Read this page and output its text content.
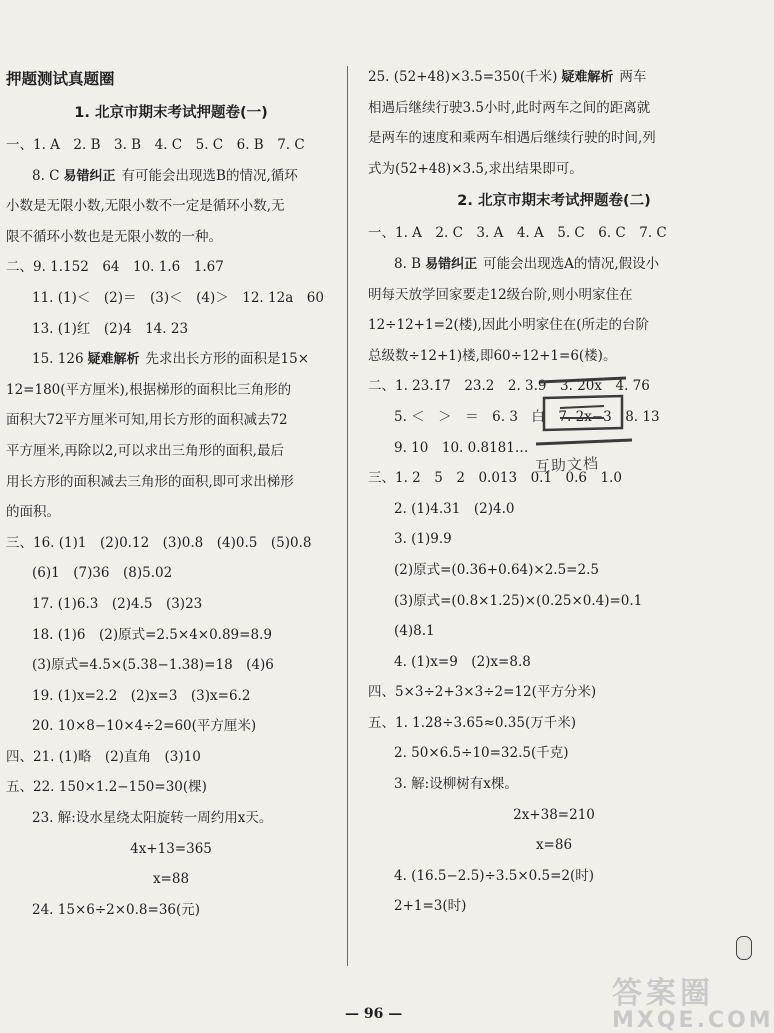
押题测试真题圈
1. 北京市期末考试押题卷(一)
一、1. A　2. B　3. B　4. C　5. C　6. B　7. C
8. C 易错纠正 有可能会出现选B的情况,循环
小数是无限小数,无限小数不一定是循环小数,无
限不循环小数也是无限小数的一种。
二、9. 1.152　64　10. 1.6̇　1.67
11. (1)＜　(2)＝　(3)＜　(4)＞　12. 12a　60
13. (1)红　(2)4　14. 23
15. 126 疑难解析 先求出长方形的面积是15×
12=180(平方厘米),根据梯形的面积比三角形的
面积大72平方厘米可知,用长方形的面积减去72
平方厘米,再除以2,可以求出三角形的面积,最后
用长方形的面积减去三角形的面积,即可求出梯形
的面积。
三、16. (1)1　(2)0.12　(3)0.8　(4)0.5　(5)0.8
(6)1　(7)36　(8)5.02
17. (1)6.3　(2)4.5　(3)23
18. (1)6　(2)原式=2.5×4×0.89=8.9
(3)原式=4.5×(5.38−1.38)=18　(4)6
19. (1)x=2.2　(2)x=3　(3)x=6.2
20. 10×8−10×4÷2=60(平方厘米)
四、21. (1)略　(2)直角　(3)10
五、22. 150×1.2−150=30(棵)
23. 解:设水星绕太阳旋转一周约用x天。
4x+13=365
x=88
24. 15×6÷2×0.8=36(元)
25. (52+48)×3.5=350(千米) 疑难解析 两车
相遇后继续行驶3.5小时,此时两车之间的距离就
是两车的速度和乘两车相遇后继续行驶的时间,列
式为(52+48)×3.5,求出结果即可。
2. 北京市期末考试押题卷(二)
一、1. A　2. C　3. A　4. A　5. C　6. C　7. C
8. B 易错纠正 可能会出现选A的情况,假设小
明每天放学回家要走12级台阶,则小明家住在
12÷12+1=2(楼),因此小明家住在(所走的台阶
总级数÷12+1)楼,即60÷12+1=6(楼)。
二、1. 23.1̇7̇　23.2　2. 3.9　3. 20x　4. 76
5. ＜　＞　＝　6. 3　白　7. 2x−3　8. 13
9. 10　10. 0.8181…
三、1. 2　5　2　0.013　0.1　0.6　1.0
2. (1)4.31　(2)4.0
3. (1)9.9
(2)原式=(0.36+0.64)×2.5=2.5
(3)原式=(0.8×1.25)×(0.25×0.4)=0.1
(4)8.1
4. (1)x=9　(2)x=8.8
四、5×3÷2+3×3÷2=12(平方分米)
五、1. 1.28÷3.65≈0.35(万千米)
2. 50×6.5÷10=32.5(千克)
3. 解:设柳树有x棵。
2x+38=210
x=86
4. (16.5−2.5)÷3.5×0.5=2(时)
2+1=3(时)
互助文档
— 96 —
答案圈
MXQE.COM
